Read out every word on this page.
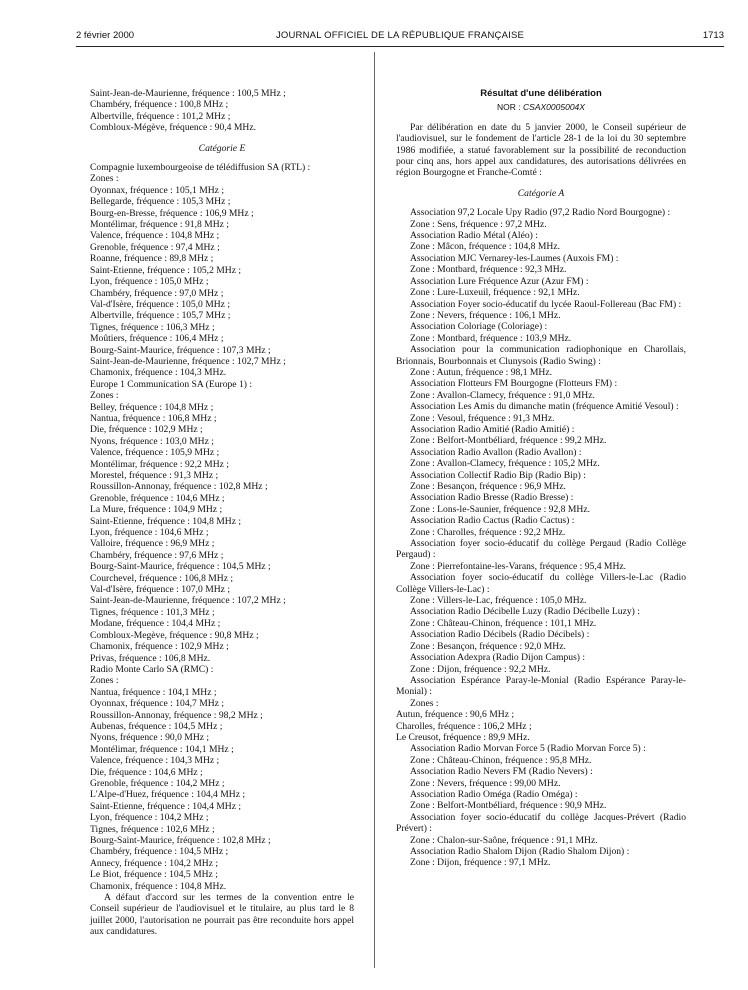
2 février 2000	JOURNAL OFFICIEL DE LA RÉPUBLIQUE FRANÇAISE	1713
Saint-Jean-de-Maurienne, fréquence : 100,5 MHz ;
Chambéry, fréquence : 100,8 MHz ;
Albertville, fréquence : 101,2 MHz ;
Combloux-Mégève, fréquence : 90,4 MHz.
Catégorie E
Compagnie luxembourgeoise de télédiffusion SA (RTL) :
Zones :
Oyonnax, fréquence : 105,1 MHz ;
Bellegarde, fréquence : 105,3 MHz ;
Bourg-en-Bresse, fréquence : 106,9 MHz ;
Montélimar, fréquence : 91,8 MHz ;
Valence, fréquence : 104,8 MHz ;
Grenoble, fréquence : 97,4 MHz ;
Roanne, fréquence : 89,8 MHz ;
Saint-Etienne, fréquence : 105,2 MHz ;
Lyon, fréquence : 105,0 MHz ;
Chambéry, fréquence : 97,0 MHz ;
Val-d'Isère, fréquence : 105,0 MHz ;
Albertville, fréquence : 105,7 MHz ;
Tignes, fréquence : 106,3 MHz ;
Moûtiers, fréquence : 106,4 MHz ;
Bourg-Saint-Maurice, fréquence : 107,3 MHz ;
Saint-Jean-de-Maurienne, fréquence : 102,7 MHz ;
Chamonix, fréquence : 104,3 MHz.
Europe 1 Communication SA (Europe 1) :
Zones :
Belley, fréquence : 104,8 MHz ;
Nantua, fréquence : 106,8 MHz ;
Die, fréquence : 102,9 MHz ;
Nyons, fréquence : 103,0 MHz ;
Valence, fréquence : 105,9 MHz ;
Montélimar, fréquence : 92,2 MHz ;
Morestel, fréquence : 91,3 MHz ;
Roussillon-Annonay, fréquence : 102,8 MHz ;
Grenoble, fréquence : 104,6 MHz ;
La Mure, fréquence : 104,9 MHz ;
Saint-Etienne, fréquence : 104,8 MHz ;
Lyon, fréquence : 104,6 MHz ;
Valloire, fréquence : 96,9 MHz ;
Chambéry, fréquence : 97,6 MHz ;
Bourg-Saint-Maurice, fréquence : 104,5 MHz ;
Courchevel, fréquence : 106,8 MHz ;
Val-d'Isère, fréquence : 107,0 MHz ;
Saint-Jean-de-Maurienne, fréquence : 107,2 MHz ;
Tignes, fréquence : 101,3 MHz ;
Modane, fréquence : 104,4 MHz ;
Combloux-Megève, fréquence : 90,8 MHz ;
Chamonix, fréquence : 102,9 MHz ;
Privas, fréquence : 106,8 MHz.
Radio Monte Carlo SA (RMC) :
Zones :
Nantua, fréquence : 104,1 MHz ;
Oyonnax, fréquence : 104,7 MHz ;
Roussillon-Annonay, fréquence : 98,2 MHz ;
Aubenas, fréquence : 104,5 MHz ;
Nyons, fréquence : 90,0 MHz ;
Montélimar, fréquence : 104,1 MHz ;
Valence, fréquence : 104,3 MHz ;
Die, fréquence : 104,6 MHz ;
Grenoble, fréquence : 104,2 MHz ;
L'Alpe-d'Huez, fréquence : 104,4 MHz ;
Saint-Etienne, fréquence : 104,4 MHz ;
Lyon, fréquence : 104,2 MHz ;
Tignes, fréquence : 102,6 MHz ;
Bourg-Saint-Maurice, fréquence : 102,8 MHz ;
Chambéry, fréquence : 104,5 MHz ;
Annecy, fréquence : 104,2 MHz ;
Le Biot, fréquence : 104,5 MHz ;
Chamonix, fréquence : 104,8 MHz.
A défaut d'accord sur les termes de la convention entre le Conseil supérieur de l'audiovisuel et le titulaire, au plus tard le 8 juillet 2000, l'autorisation ne pourrait pas être reconduite hors appel aux candidatures.
Résultat d'une délibération
NOR : CSAX0005004X
Par délibération en date du 5 janvier 2000, le Conseil supérieur de l'audiovisuel, sur le fondement de l'article 28-1 de la loi du 30 septembre 1986 modifiée, a statué favorablement sur la possibilité de reconduction pour cinq ans, hors appel aux candidatures, des autorisations délivrées en région Bourgogne et Franche-Comté :
Catégorie A
Association 97,2 Locale Upy Radio (97,2 Radio Nord Bourgogne) :
Zone : Sens, fréquence : 97,2 MHz.
Association Radio Métal (Aléo) :
Zone : Mâcon, fréquence : 104,8 MHz.
Association MJC Vernarey-les-Laumes (Auxois FM) :
Zone : Montbard, fréquence : 92,3 MHz.
Association Lure Fréquence Azur (Azur FM) :
Zone : Lure-Luxeuil, fréquence : 92,1 MHz.
Association Foyer socio-éducatif du lycée Raoul-Follereau (Bac FM) :
Zone : Nevers, fréquence : 106,1 MHz.
Association Coloriage (Coloriage) :
Zone : Montbard, fréquence : 103,9 MHz.
Association pour la communication radiophonique en Charollais, Brionnais, Bourbonnais et Clunysois (Radio Swing) :
Zone : Autun, fréquence : 98,1 MHz.
Association Flotteurs FM Bourgogne (Flotteurs FM) :
Zone : Avallon-Clamecy, fréquence : 91,0 MHz.
Association Les Amis du dimanche matin (fréquence Amitié Vesoul) :
Zone : Vesoul, fréquence : 91,3 MHz.
Association Radio Amitié (Radio Amitié) :
Zone : Belfort-Montbéliard, fréquence : 99,2 MHz.
Association Radio Avallon (Radio Avallon) :
Zone : Avallon-Clamecy, fréquence : 105,2 MHz.
Association Collectif Radio Bip (Radio Bip) :
Zone : Besançon, fréquence : 96,9 MHz.
Association Radio Bresse (Radio Bresse) :
Zone : Lons-le-Saunier, fréquence : 92,8 MHz.
Association Radio Cactus (Radio Cactus) :
Zone : Charolles, fréquence : 92,2 MHz.
Association foyer socio-éducatif du collège Pergaud (Radio Collège Pergaud) :
Zone : Pierrefontaine-les-Varans, fréquence : 95,4 MHz.
Association foyer socio-éducatif du collège Villers-le-Lac (Radio Collège Villers-le-Lac) :
Zone : Villers-le-Lac, fréquence : 105,0 MHz.
Association Radio Décibelle Luzy (Radio Décibelle Luzy) :
Zone : Château-Chinon, fréquence : 101,1 MHz.
Association Radio Décibels (Radio Décibels) :
Zone : Besançon, fréquence : 92,0 MHz.
Association Adexpra (Radio Dijon Campus) :
Zone : Dijon, fréquence : 92,2 MHz.
Association Espérance Paray-le-Monial (Radio Espérance Paray-le-Monial) :
Zones :
Autun, fréquence : 90,6 MHz ;
Charolles, fréquence : 106,2 MHz ;
Le Creusot, fréquence : 89,9 MHz.
Association Radio Morvan Force 5 (Radio Morvan Force 5) :
Zone : Château-Chinon, fréquence : 95,8 MHz.
Association Radio Nevers FM (Radio Nevers) :
Zone : Nevers, fréquence : 99,00 MHz.
Association Radio Oméga (Radio Oméga) :
Zone : Belfort-Montbéliard, fréquence : 90,9 MHz.
Association foyer socio-éducatif du collège Jacques-Prévert (Radio Prévert) :
Zone : Chalon-sur-Saône, fréquence : 91,1 MHz.
Association Radio Shalom Dijon (Radio Shalom Dijon) :
Zone : Dijon, fréquence : 97,1 MHz.
